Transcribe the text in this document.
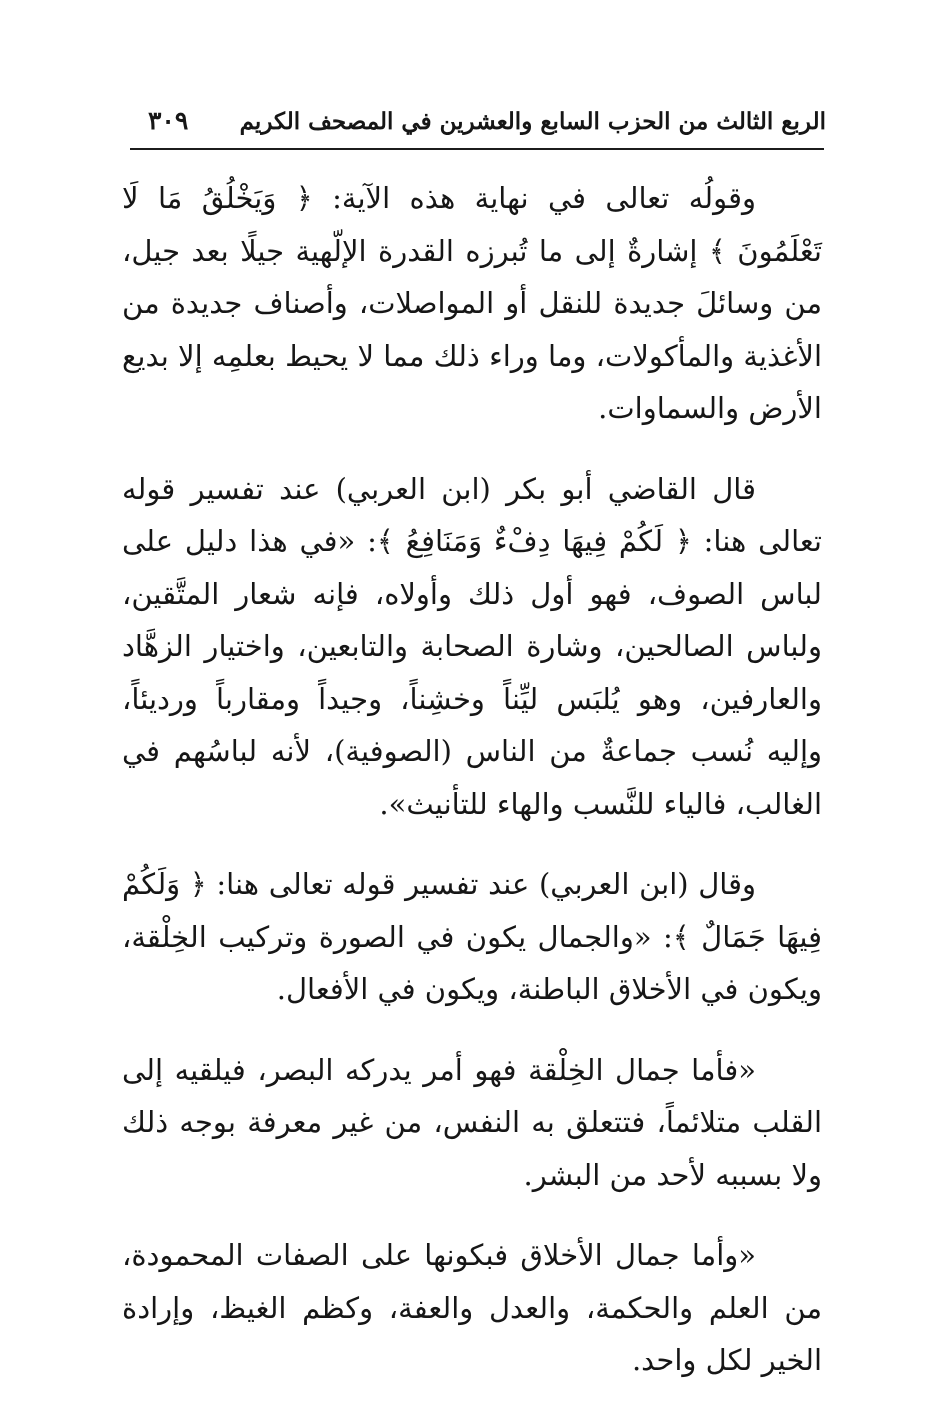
الربع الثالث من الحزب السابع والعشرين في المصحف الكريم
٣٠٩

وقولُه تعالى في نهاية هذه الآية: ﴿ وَيَخْلُقُ مَا لَا تَعْلَمُونَ ﴾ إشارةٌ إلى ما تُبرزه القدرة الإلّهية جيلًا بعد جيل، من وسائلَ جديدة للنقل أو المواصلات، وأصناف جديدة من الأغذية والمأكولات، وما وراء ذلك مما لا يحيط بعلمِه إلا بديع الأرض والسماوات.

قال القاضي أبو بكر (ابن العربي) عند تفسير قوله تعالى هنا: ﴿ لَكُمْ فِيهَا دِفْءٌ وَمَنَافِعُ ﴾: «في هذا دليل على لباس الصوف، فهو أول ذلك وأولاه، فإنه شعار المتَّقين، ولباس الصالحين، وشارة الصحابة والتابعين، واختيار الزهَّاد والعارفين، وهو يُلبَس ليِّناً وخشِناً، وجيداً ومقارباً ورديئاً، وإليه نُسب جماعةٌ من الناس (الصوفية)، لأنه لباسُهم في الغالب، فالياء للنَّسب والهاء للتأنيث».

وقال (ابن العربي) عند تفسير قوله تعالى هنا: ﴿ وَلَكُمْ فِيهَا جَمَالٌ ﴾: «والجمال يكون في الصورة وتركيب الخِلْقة، ويكون في الأخلاق الباطنة، ويكون في الأفعال.

«فأما جمال الخِلْقة فهو أمر يدركه البصر، فيلقيه إلى القلب متلائماً، فتتعلق به النفس، من غير معرفة بوجه ذلك ولا بسببه لأحد من البشر.

«وأما جمال الأخلاق فبكونها على الصفات المحمودة، من العلم والحكمة، والعدل والعفة، وكظم الغيظ، وإرادة الخير لكل واحد.
